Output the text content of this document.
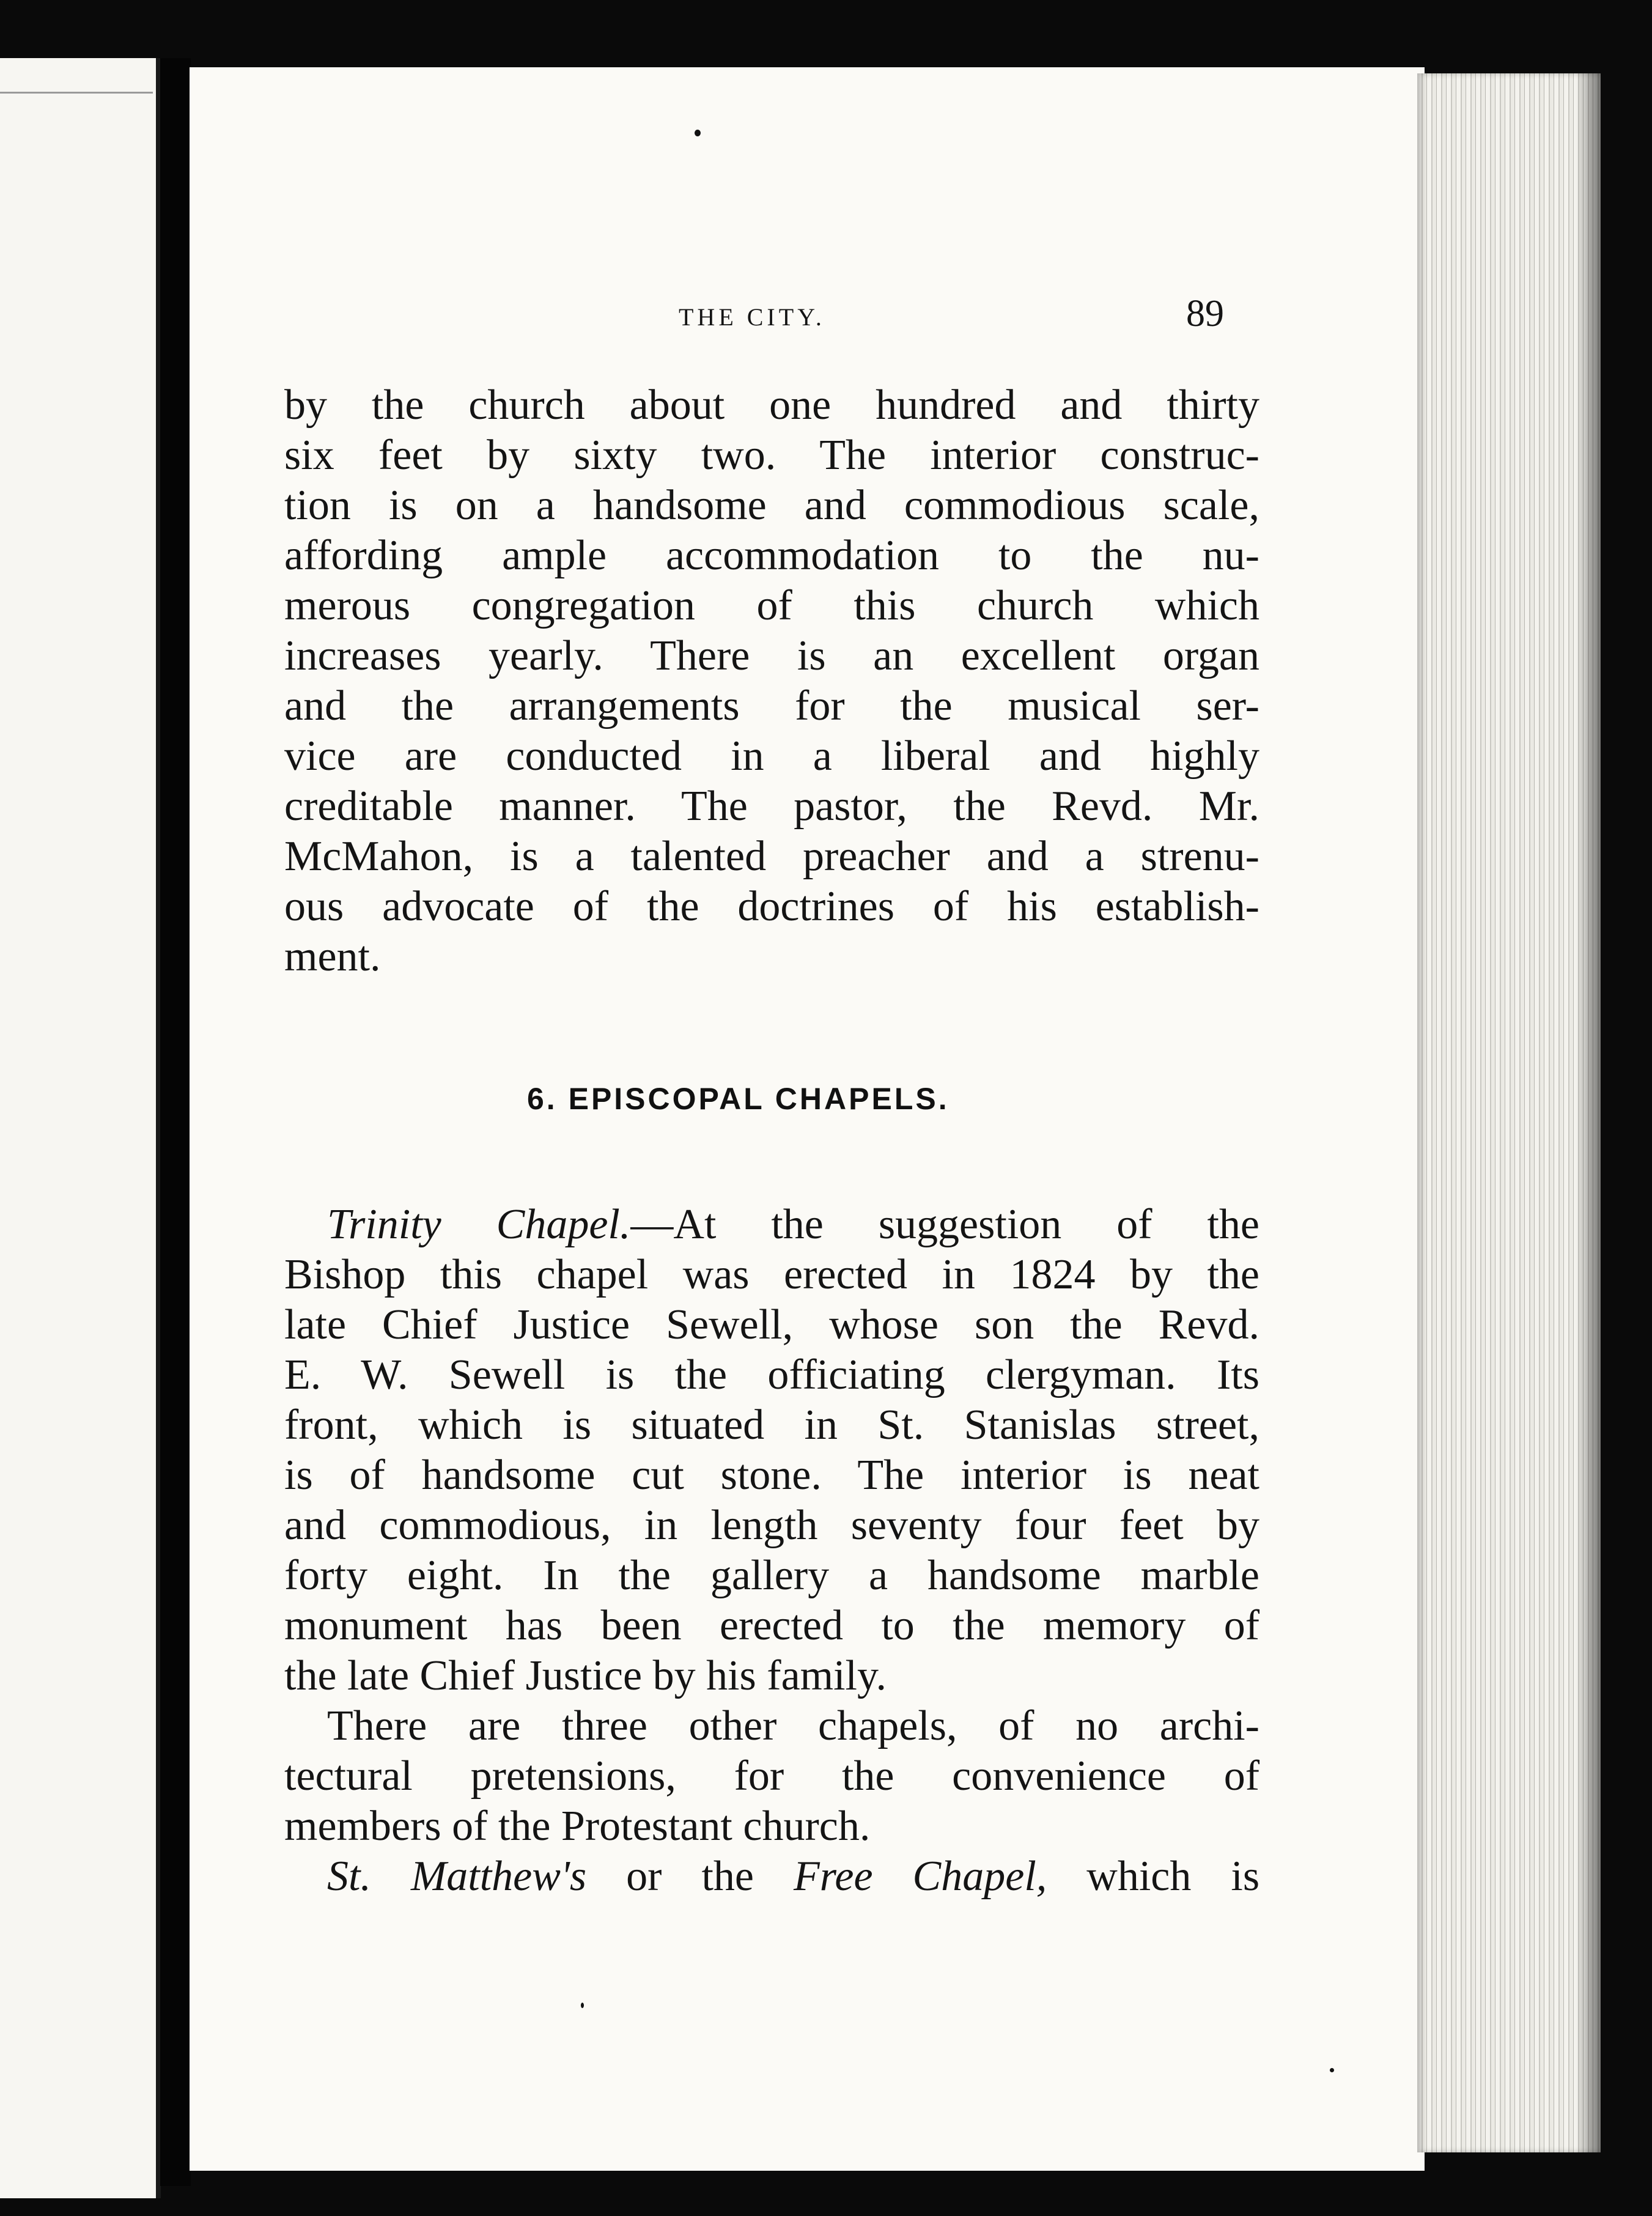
THE CITY.	89
by the church about one hundred and thirty
six feet by sixty two. The interior construc-
tion is on a handsome and commodious scale,
affording ample accommodation to the nu-
merous congregation of this church which
increases yearly. There is an excellent organ
and the arrangements for the musical ser-
vice are conducted in a liberal and highly
creditable manner. The pastor, the Revd. Mr.
McMahon, is a talented preacher and a strenu-
ous advocate of the doctrines of his establish-
ment.
6. EPISCOPAL CHAPELS.
Trinity Chapel.—At the suggestion of the
Bishop this chapel was erected in 1824 by the
late Chief Justice Sewell, whose son the Revd.
E. W. Sewell is the officiating clergyman. Its
front, which is situated in St. Stanislas street,
is of handsome cut stone. The interior is neat
and commodious, in length seventy four feet by
forty eight. In the gallery a handsome marble
monument has been erected to the memory of
the late Chief Justice by his family.
There are three other chapels, of no archi-
tectural pretensions, for the convenience of
members of the Protestant church.
St. Matthew's or the Free Chapel, which is
